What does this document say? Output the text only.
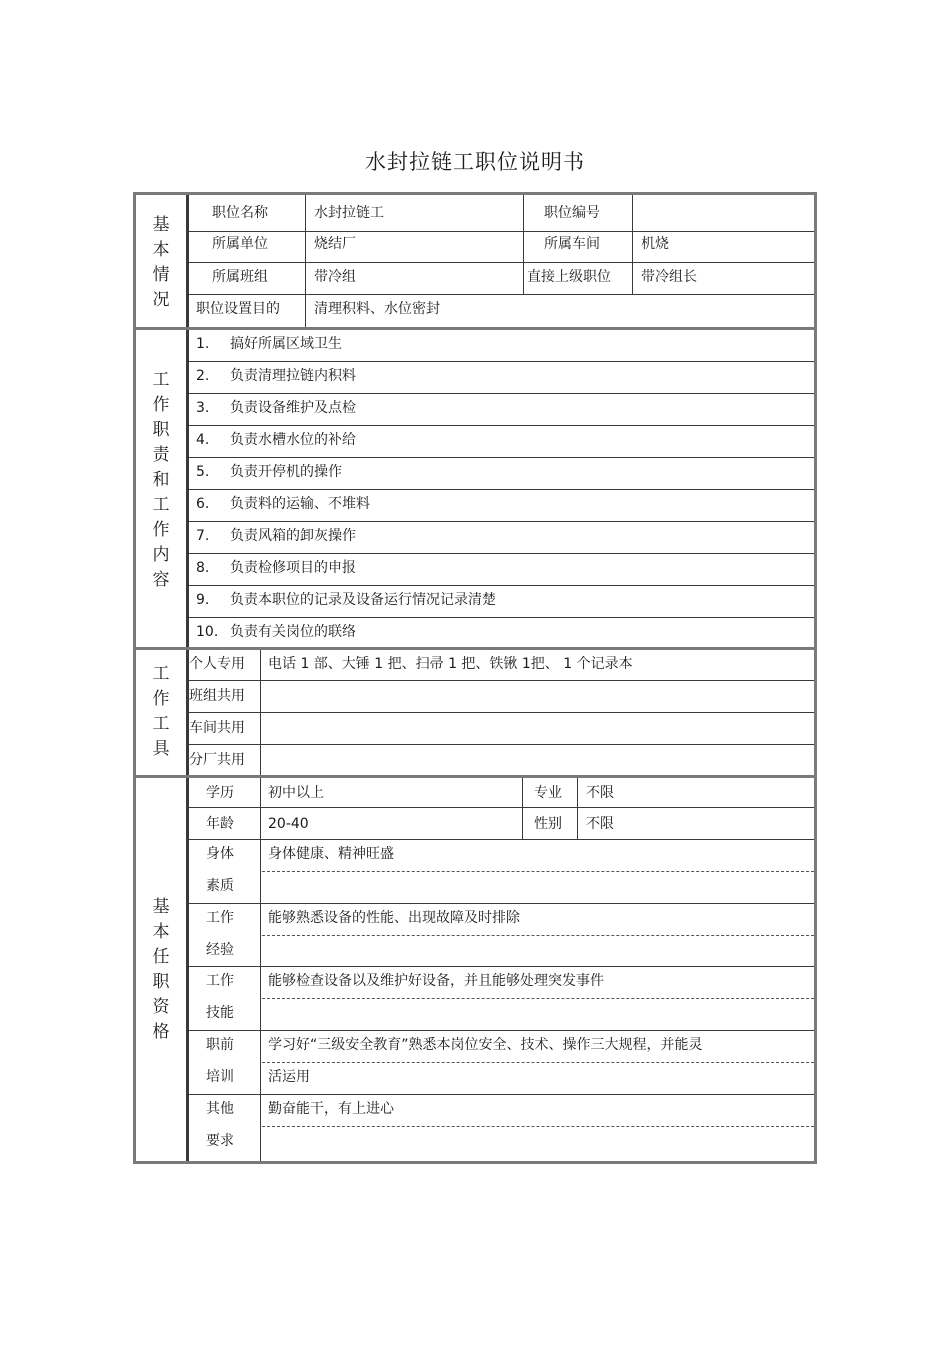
水封拉链工职位说明书
基
本
情
况
职位名称	水封拉链工	职位编号
所属单位	烧结厂	所属车间	机烧
所属班组	带冷组	直接上级职位 带冷组长
职位设置目的 清理积料、水位密封
工
作
职
责
和
工
作
内
容
1. 搞好所属区域卫生
2. 负责清理拉链内积料
3. 负责设备维护及点检
4. 负责水槽水位的补给
5. 负责开停机的操作
6. 负责料的运输、不堆料
7. 负责风箱的卸灰操作
8. 负责检修项目的申报
9. 负责本职位的记录及设备运行情况记录清楚
10. 负责有关岗位的联络
工
作
工
具
个人专用 电话 1 部、大锤 1 把、扫帚 1 把、铁锹 1把、 1 个记录本
班组共用
车间共用
分厂共用
基
本
任
职
资
格
学历 初中以上	专业 不限
年龄 20-40	性别 不限
身体
素质
身体健康、精神旺盛
工作
经验
能够熟悉设备的性能、出现故障及时排除
工作
技能
能够检查设备以及维护好设备，并且能够处理突发事件
职前
培训
学习好“三级安全教育”熟悉本岗位安全、技术、操作三大规程，并能灵
活运用
其他
要求
勤奋能干，有上进心
